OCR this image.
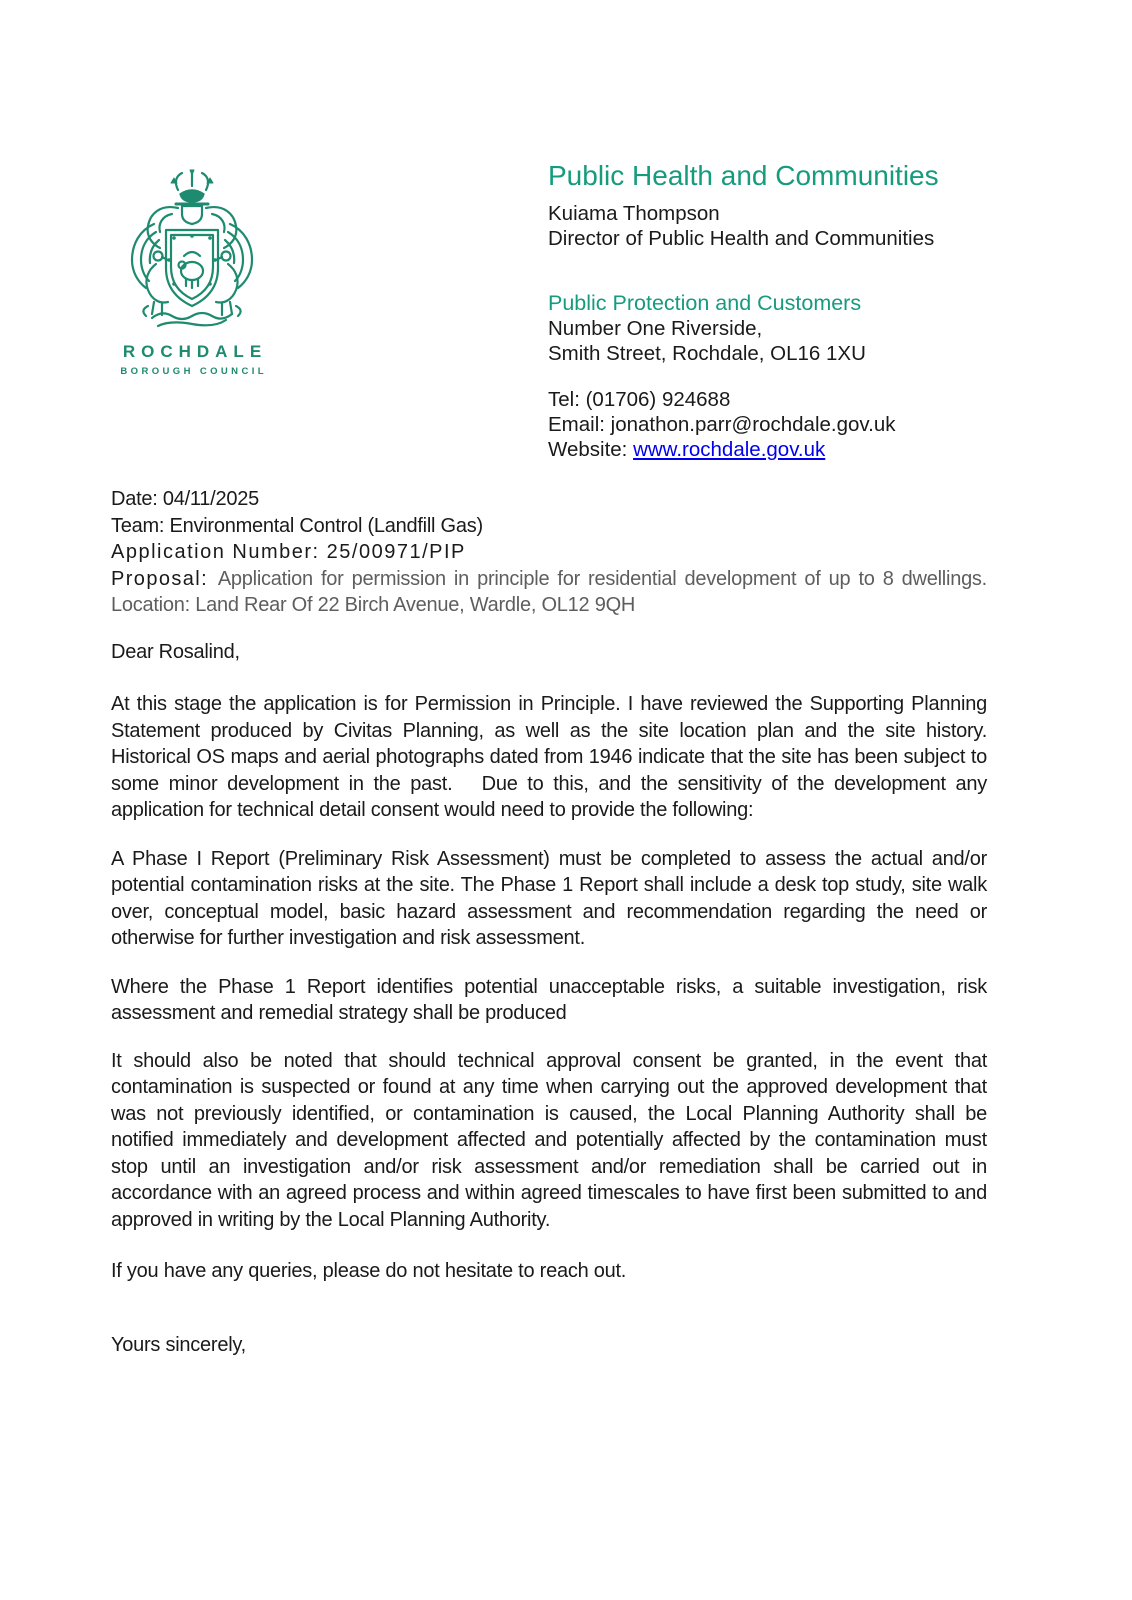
ROCHDALE
BOROUGH COUNCIL
Public Health and Communities
Kuiama Thompson
Director of Public Health and Communities
Public Protection and Customers
Number One Riverside,
Smith Street, Rochdale, OL16 1XU
Tel: (01706) 924688
Email: jonathon.parr@rochdale.gov.uk
Website: www.rochdale.gov.uk
Date: 04/11/2025
Team: Environmental Control (Landfill Gas)
Application Number: 25/00971/PIP

Proposal: Application for permission in principle for residential development of up to 8 dwellings. Location: Land Rear Of 22 Birch Avenue, Wardle, OL12 9QH

Dear Rosalind,

At this stage the application is for Permission in Principle. I have reviewed the Supporting Planning Statement produced by Civitas Planning, as well as the site location plan and the site history.  Historical OS maps and aerial photographs dated from 1946 indicate that the site has been subject to some minor development in the past.   Due to this, and the sensitivity of the development any application for technical detail consent would need to provide the following:

A Phase I Report (Preliminary Risk Assessment) must be completed to assess the actual and/or potential contamination risks at the site. The Phase 1 Report shall include a desk top study, site walk over, conceptual model, basic hazard assessment and recommendation regarding the need or otherwise for further investigation and risk assessment.

Where the Phase 1 Report identifies potential unacceptable risks, a suitable investigation, risk assessment and remedial strategy shall be produced

It should also be noted that should technical approval consent be granted, in the event that contamination is suspected or found at any time when carrying out the approved development that was not previously identified, or contamination is caused, the Local Planning Authority shall be notified immediately and development affected and potentially affected by the contamination must stop until an investigation and/or risk assessment and/or remediation shall be carried out in accordance with an agreed process and within agreed timescales to have first been submitted to and approved in writing by the Local Planning Authority.

If you have any queries, please do not hesitate to reach out.

Yours sincerely,
